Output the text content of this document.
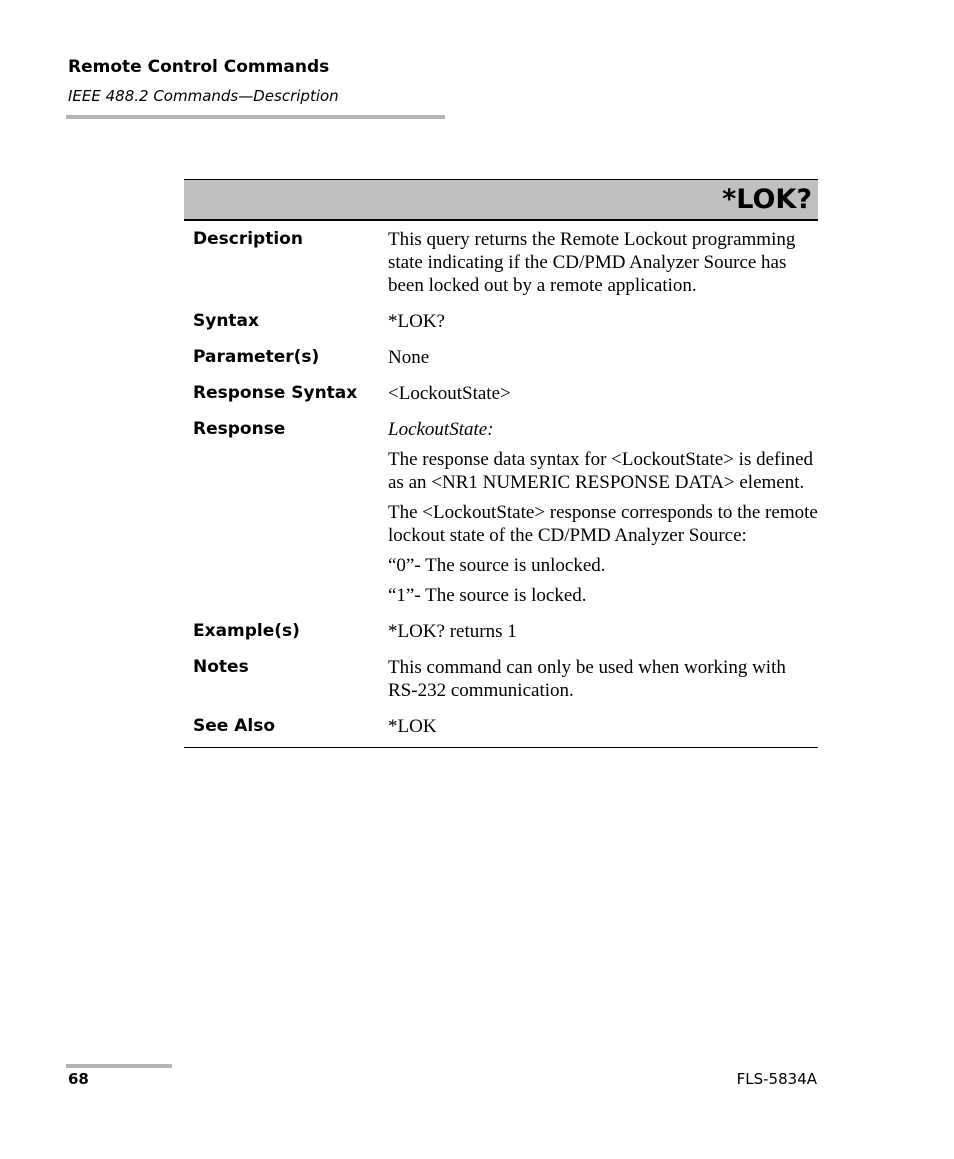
Remote Control Commands
IEEE 488.2 Commands—Description
*LOK?
Description	This query returns the Remote Lockout programming state indicating if the CD/PMD Analyzer Source has been locked out by a remote application.

Syntax	*LOK?
Parameter(s)	None
Response Syntax	<LockoutState>
Response	LockoutState:

The response data syntax for <LockoutState> is defined as an <NR1 NUMERIC RESPONSE DATA> element.

The <LockoutState> response corresponds to the remote lockout state of the CD/PMD Analyzer Source:

“0”- The source is unlocked.

“1”- The source is locked.

Example(s)	*LOK? returns 1
Notes	This command can only be used when working with RS-232 communication.
See Also	*LOK
68	FLS-5834A
